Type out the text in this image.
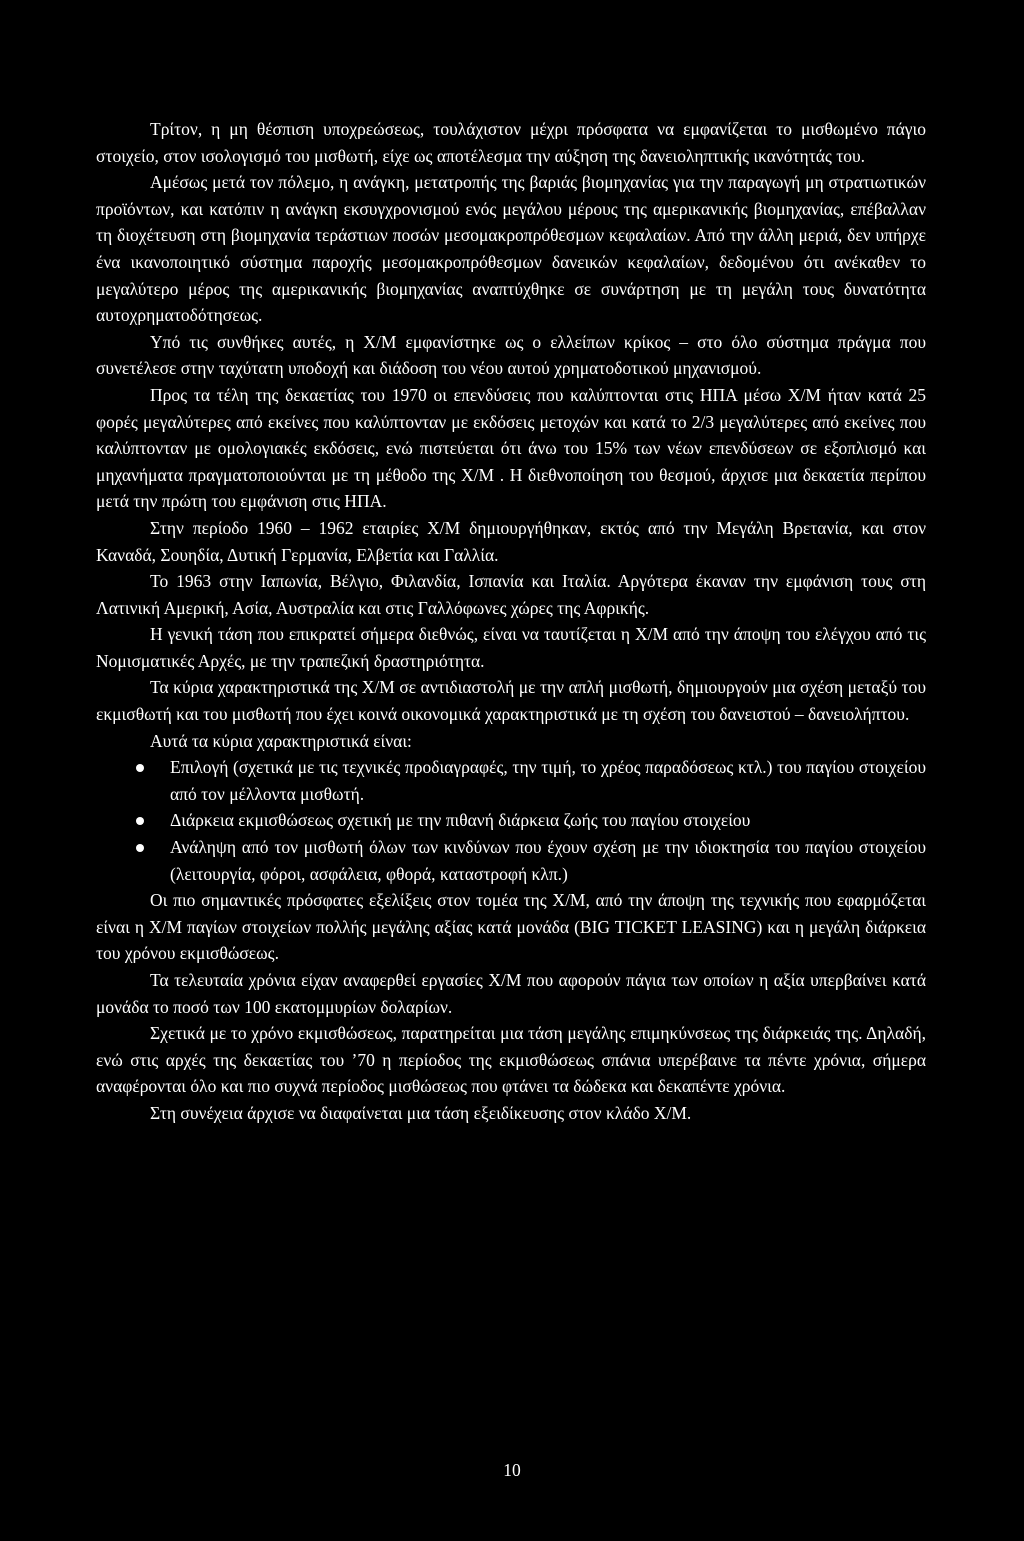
Τρίτον, η μη θέσπιση υποχρεώσεως, τουλάχιστον μέχρι πρόσφατα να εμφανίζεται το μισθωμένο πάγιο στοιχείο, στον ισολογισμό του μισθωτή, είχε ως αποτέλεσμα την αύξηση της δανειοληπτικής ικανότητάς του.

Αμέσως μετά τον πόλεμο, η ανάγκη, μετατροπής της βαριάς βιομηχανίας για την παραγωγή μη στρατιωτικών προϊόντων, και κατόπιν η ανάγκη εκσυγχρονισμού ενός μεγάλου μέρους της αμερικανικής βιομηχανίας, επέβαλλαν τη διοχέτευση στη βιομηχανία τεράστιων ποσών μεσομακροπρόθεσμων κεφαλαίων. Από την άλλη μεριά, δεν υπήρχε ένα ικανοποιητικό σύστημα παροχής μεσομακροπρόθεσμων δανεικών κεφαλαίων, δεδομένου ότι ανέκαθεν το μεγαλύτερο μέρος της αμερικανικής βιομηχανίας αναπτύχθηκε σε συνάρτηση με τη μεγάλη τους δυνατότητα αυτοχρηματοδότησεως.

Υπό τις συνθήκες αυτές, η Χ/Μ εμφανίστηκε ως ο ελλείπων κρίκος – στο όλο σύστημα πράγμα που συνετέλεσε στην ταχύτατη υποδοχή και διάδοση του νέου αυτού χρηματοδοτικού μηχανισμού.

Προς τα τέλη της δεκαετίας του 1970 οι επενδύσεις που καλύπτονται στις ΗΠΑ μέσω Χ/Μ ήταν κατά 25 φορές μεγαλύτερες από εκείνες που καλύπτονταν με εκδόσεις μετοχών και κατά το 2/3 μεγαλύτερες από εκείνες που καλύπτονταν με ομολογιακές εκδόσεις, ενώ πιστεύεται ότι άνω του 15% των νέων επενδύσεων σε εξοπλισμό και μηχανήματα πραγματοποιούνται με τη μέθοδο της Χ/Μ . Η διεθνοποίηση του θεσμού, άρχισε μια δεκαετία περίπου μετά την πρώτη του εμφάνιση στις ΗΠΑ.

Στην περίοδο 1960 – 1962 εταιρίες Χ/Μ δημιουργήθηκαν, εκτός από την Μεγάλη Βρετανία, και στον Καναδά, Σουηδία, Δυτική Γερμανία, Ελβετία και Γαλλία.

Το 1963 στην Ιαπωνία, Βέλγιο, Φιλανδία, Ισπανία και Ιταλία. Αργότερα έκαναν την εμφάνιση τους στη Λατινική Αμερική, Ασία, Αυστραλία και στις Γαλλόφωνες χώρες της Αφρικής.

Η γενική τάση που επικρατεί σήμερα διεθνώς, είναι να ταυτίζεται η Χ/Μ από την άποψη του ελέγχου από τις Νομισματικές Αρχές, με την τραπεζική δραστηριότητα.

Τα κύρια χαρακτηριστικά της Χ/Μ σε αντιδιαστολή με την απλή μισθωτή, δημιουργούν μια σχέση μεταξύ του εκμισθωτή και του μισθωτή που έχει κοινά οικονομικά χαρακτηριστικά με τη σχέση του δανειστού – δανειολήπτου.

Αυτά τα κύρια χαρακτηριστικά είναι:

Επιλογή (σχετικά με τις τεχνικές προδιαγραφές, την τιμή, το χρέος παραδόσεως κτλ.) του παγίου στοιχείου από τον μέλλοντα μισθωτή.
Διάρκεια εκμισθώσεως σχετική με την πιθανή διάρκεια ζωής του παγίου στοιχείου
Ανάληψη από τον μισθωτή όλων των κινδύνων που έχουν σχέση με την ιδιοκτησία του παγίου στοιχείου (λειτουργία, φόροι, ασφάλεια, φθορά, καταστροφή κλπ.)

Οι πιο σημαντικές πρόσφατες εξελίξεις στον τομέα της Χ/Μ, από την άποψη της τεχνικής που εφαρμόζεται είναι η Χ/Μ παγίων στοιχείων πολλής μεγάλης αξίας κατά μονάδα (BIG TICKET LEASING) και η μεγάλη διάρκεια του χρόνου εκμισθώσεως.

Τα τελευταία χρόνια είχαν αναφερθεί εργασίες Χ/Μ που αφορούν πάγια των οποίων η αξία υπερβαίνει κατά μονάδα το ποσό των 100 εκατομμυρίων δολαρίων.

Σχετικά με το χρόνο εκμισθώσεως, παρατηρείται μια τάση μεγάλης επιμηκύνσεως της διάρκειάς της. Δηλαδή, ενώ στις αρχές της δεκαετίας του ’70 η περίοδος της εκμισθώσεως σπάνια υπερέβαινε τα πέντε χρόνια, σήμερα αναφέρονται όλο και πιο συχνά περίοδος μισθώσεως που φτάνει τα δώδεκα και δεκαπέντε χρόνια.

Στη συνέχεια άρχισε να διαφαίνεται μια τάση εξειδίκευσης στον κλάδο Χ/Μ.

10
